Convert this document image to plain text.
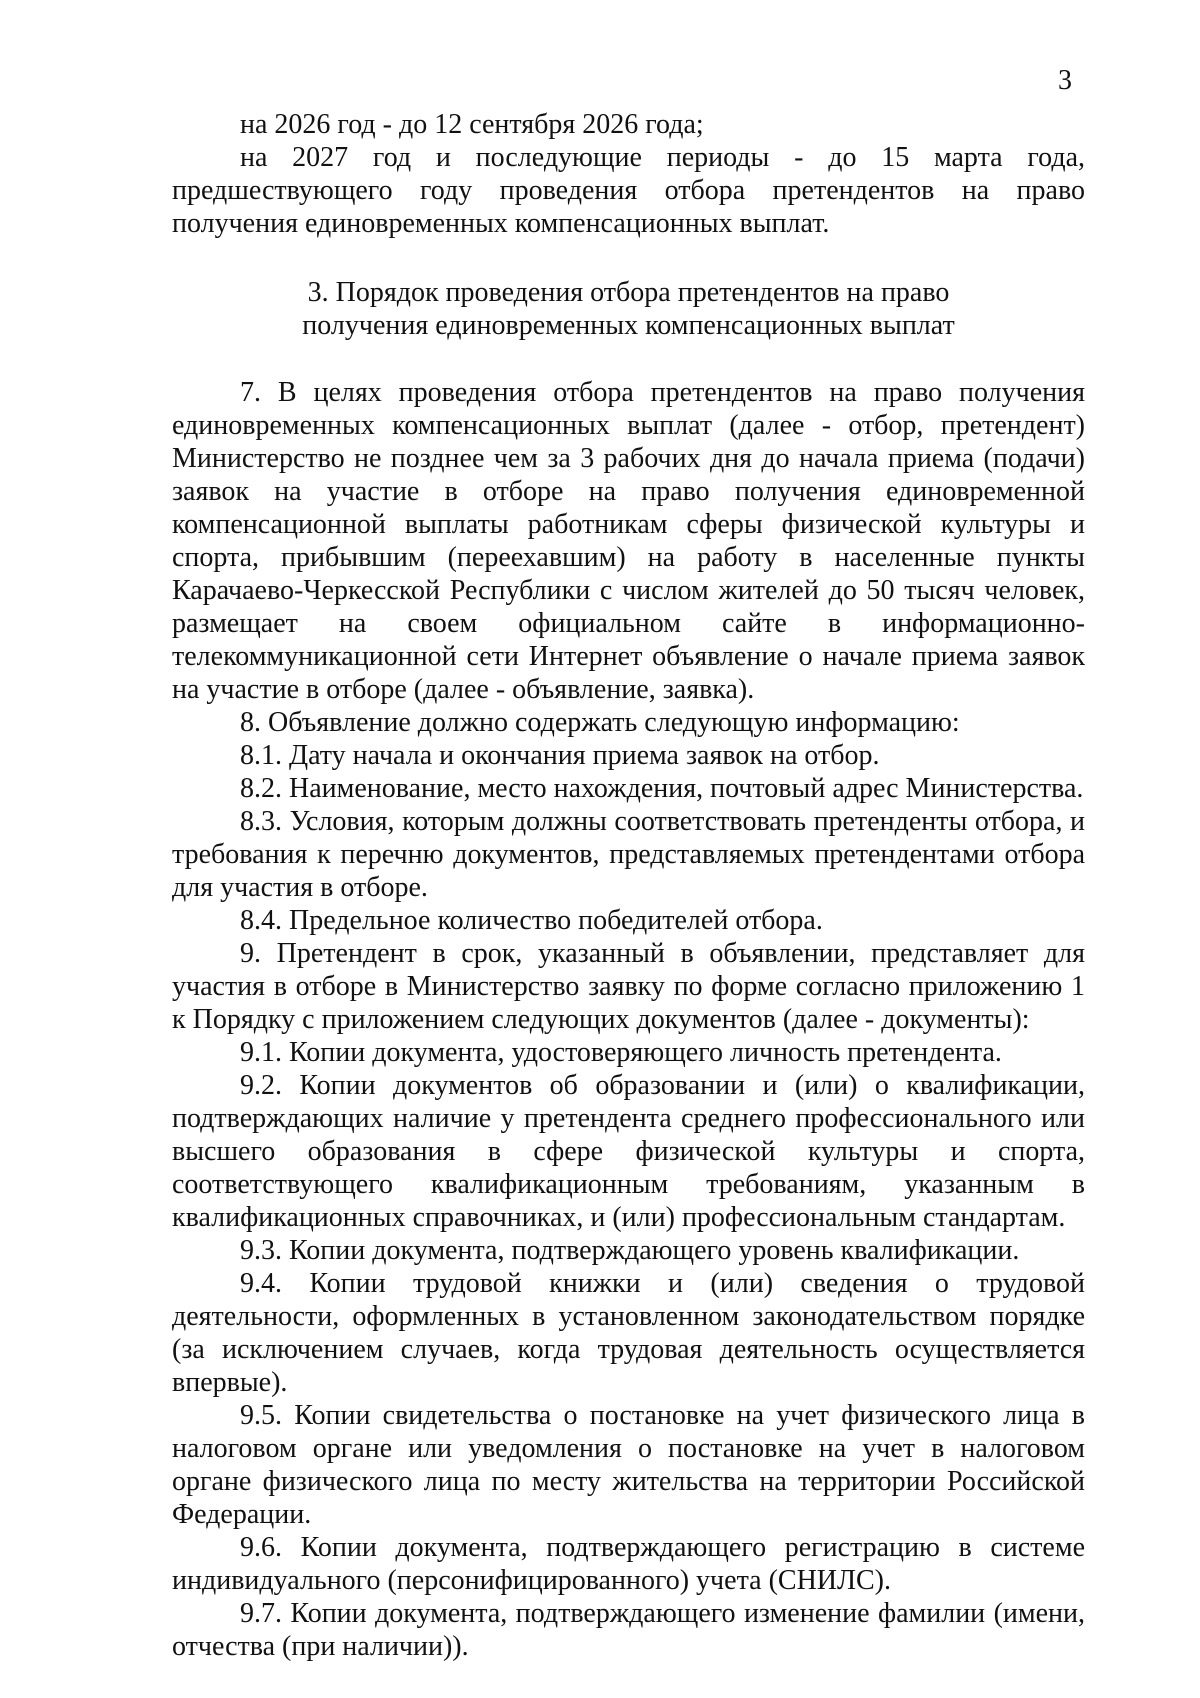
3

на 2026 год - до 12 сентября 2026 года;

на 2027 год и последующие периоды - до 15 марта года, предшествующего году проведения отбора претендентов на право получения единовременных компенсационных выплат.

3. Порядок проведения отбора претендентов на право
получения единовременных компенсационных выплат

7. В целях проведения отбора претендентов на право получения единовременных компенсационных выплат (далее - отбор, претендент) Министерство не позднее чем за 3 рабочих дня до начала приема (подачи) заявок на участие в отборе на право получения единовременной компенсационной выплаты работникам сферы физической культуры и спорта, прибывшим (переехавшим) на работу в населенные пункты Карачаево-Черкесской Республики с числом жителей до 50 тысяч человек, размещает на своем официальном сайте в информационно-телекоммуникационной сети Интернет объявление о начале приема заявок на участие в отборе (далее - объявление, заявка).

8. Объявление должно содержать следующую информацию:

8.1. Дату начала и окончания приема заявок на отбор.

8.2. Наименование, место нахождения, почтовый адрес Министерства.

8.3. Условия, которым должны соответствовать претенденты отбора, и требования к перечню документов, представляемых претендентами отбора для участия в отборе.

8.4. Предельное количество победителей отбора.

9. Претендент в срок, указанный в объявлении, представляет для участия в отборе в Министерство заявку по форме согласно приложению 1 к Порядку с приложением следующих документов (далее - документы):

9.1. Копии документа, удостоверяющего личность претендента.

9.2. Копии документов об образовании и (или) о квалификации, подтверждающих наличие у претендента среднего профессионального или высшего образования в сфере физической культуры и спорта, соответствующего квалификационным требованиям, указанным в квалификационных справочниках, и (или) профессиональным стандартам.

9.3. Копии документа, подтверждающего уровень квалификации.

9.4. Копии трудовой книжки и (или) сведения о трудовой деятельности, оформленных в установленном законодательством порядке (за исключением случаев, когда трудовая деятельность осуществляется впервые).

9.5. Копии свидетельства о постановке на учет физического лица в налоговом органе или уведомления о постановке на учет в налоговом органе физического лица по месту жительства на территории Российской Федерации.

9.6. Копии документа, подтверждающего регистрацию в системе индивидуального (персонифицированного) учета (СНИЛС).

9.7. Копии документа, подтверждающего изменение фамилии (имени, отчества (при наличии)).
